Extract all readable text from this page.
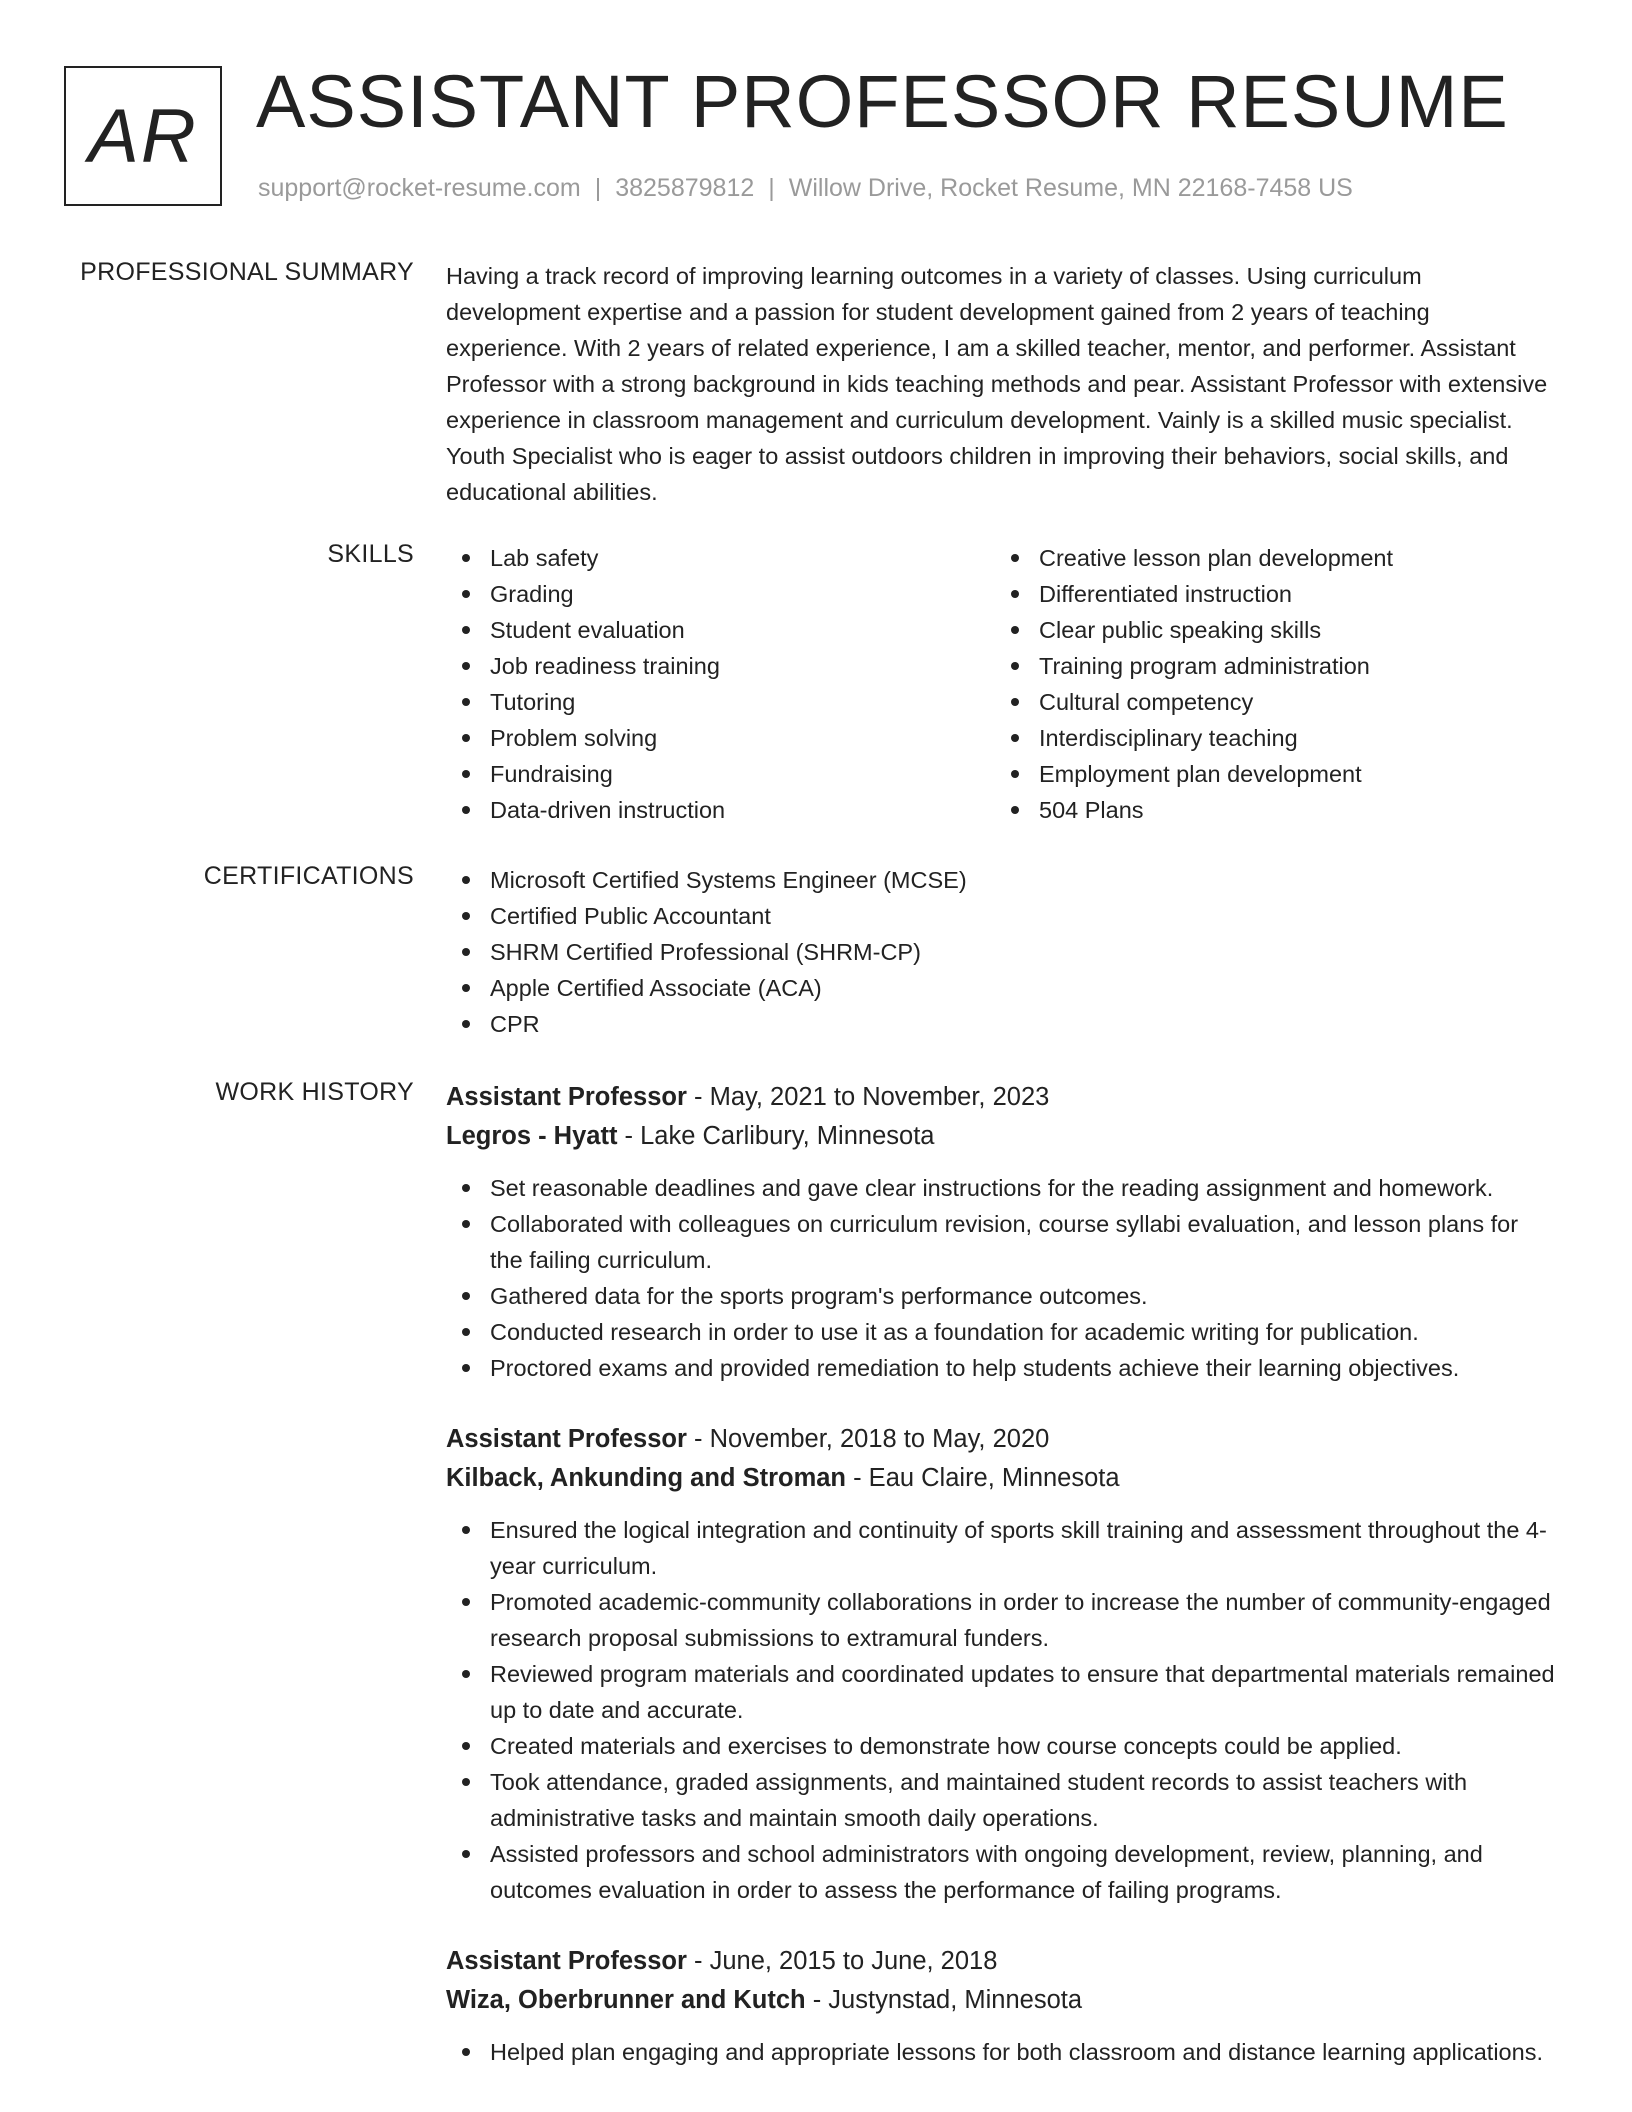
AR ASSISTANT PROFESSOR RESUME
support@rocket-resume.com | 3825879812 | Willow Drive, Rocket Resume, MN 22168-7458 US
PROFESSIONAL SUMMARY Having a track record of improving learning outcomes in a variety of classes. Using curriculum development expertise and a passion for student development gained from 2 years of teaching experience. With 2 years of related experience, I am a skilled teacher, mentor, and performer. Assistant Professor with a strong background in kids teaching methods and pear. Assistant Professor with extensive experience in classroom management and curriculum development. Vainly is a skilled music specialist. Youth Specialist who is eager to assist outdoors children in improving their behaviors, social skills, and educational abilities.

SKILLS	Lab safety
Grading
Student evaluation
Job readiness training
Tutoring
Problem solving
Fundraising
Data-driven instruction
Creative lesson plan development
Differentiated instruction
Clear public speaking skills
Training program administration
Cultural competency
Interdisciplinary teaching
Employment plan development
504 Plans
CERTIFICATIONS	Microsoft Certified Systems Engineer (MCSE)
Certified Public Accountant
SHRM Certified Professional (SHRM-CP)
Apple Certified Associate (ACA)
CPR
WORK HISTORY Assistant Professor - May, 2021 to November, 2023
Legros - Hyatt - Lake Carlibury, Minnesota
Set reasonable deadlines and gave clear instructions for the reading assignment and homework.
Collaborated with colleagues on curriculum revision, course syllabi evaluation, and lesson plans for the failing curriculum.
Gathered data for the sports program's performance outcomes.
Conducted research in order to use it as a foundation for academic writing for publication.
Proctored exams and provided remediation to help students achieve their learning objectives.
Assistant Professor - November, 2018 to May, 2020
Kilback, Ankunding and Stroman - Eau Claire, Minnesota
Ensured the logical integration and continuity of sports skill training and assessment throughout the 4-year curriculum.
Promoted academic-community collaborations in order to increase the number of community-engaged research proposal submissions to extramural funders.
Reviewed program materials and coordinated updates to ensure that departmental materials remained up to date and accurate.
Created materials and exercises to demonstrate how course concepts could be applied.
Took attendance, graded assignments, and maintained student records to assist teachers with administrative tasks and maintain smooth daily operations.
Assisted professors and school administrators with ongoing development, review, planning, and outcomes evaluation in order to assess the performance of failing programs.
Assistant Professor - June, 2015 to June, 2018
Wiza, Oberbrunner and Kutch - Justynstad, Minnesota
Helped plan engaging and appropriate lessons for both classroom and distance learning applications.
